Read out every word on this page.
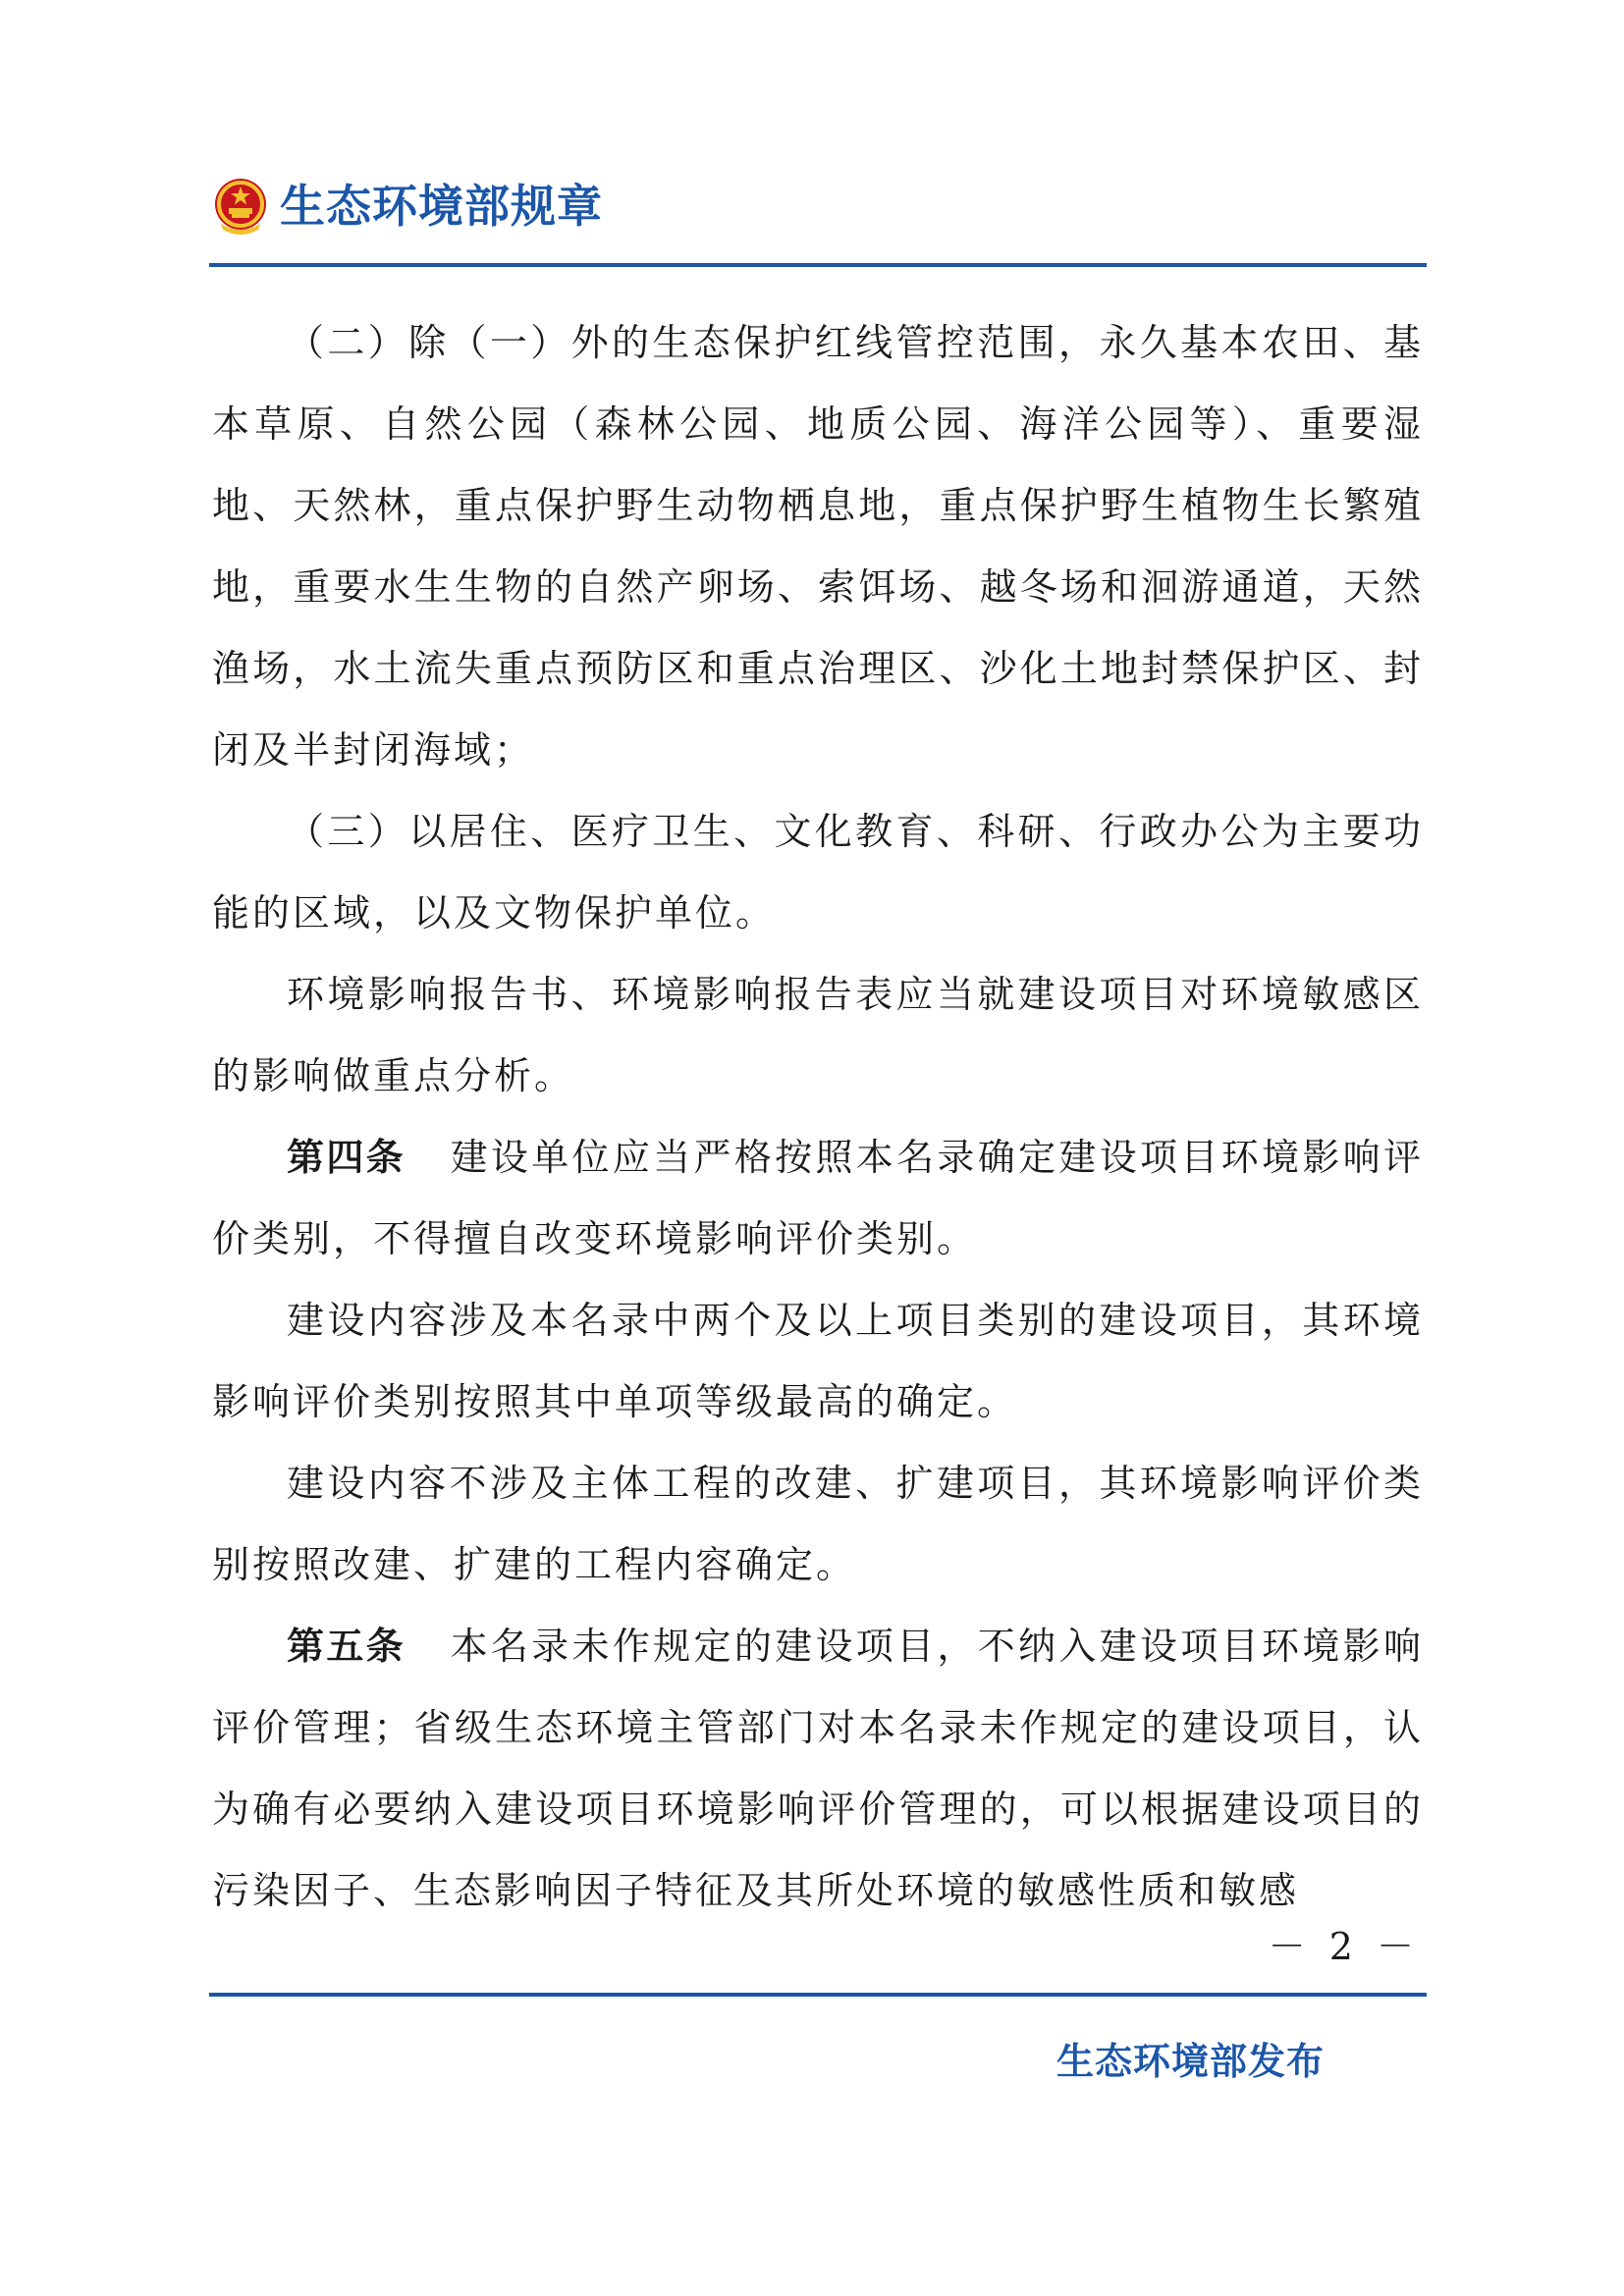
生态环境部规章

（二）除（一）外的生态保护红线管控范围，永久基本农田、基本草原、自然公园（森林公园、地质公园、海洋公园等）、重要湿地、天然林，重点保护野生动物栖息地，重点保护野生植物生长繁殖地，重要水生生物的自然产卵场、索饵场、越冬场和洄游通道，天然渔场，水土流失重点预防区和重点治理区、沙化土地封禁保护区、封闭及半封闭海域；

（三）以居住、医疗卫生、文化教育、科研、行政办公为主要功能的区域，以及文物保护单位。

环境影响报告书、环境影响报告表应当就建设项目对环境敏感区的影响做重点分析。

第四条 建设单位应当严格按照本名录确定建设项目环境影响评价类别，不得擅自改变环境影响评价类别。

建设内容涉及本名录中两个及以上项目类别的建设项目，其环境影响评价类别按照其中单项等级最高的确定。

建设内容不涉及主体工程的改建、扩建项目，其环境影响评价类别按照改建、扩建的工程内容确定。

第五条 本名录未作规定的建设项目，不纳入建设项目环境影响评价管理；省级生态环境主管部门对本名录未作规定的建设项目，认为确有必要纳入建设项目环境影响评价管理的，可以根据建设项目的污染因子、生态影响因子特征及其所处环境的敏感性质和敏感

－ 2 －
生态环境部发布
